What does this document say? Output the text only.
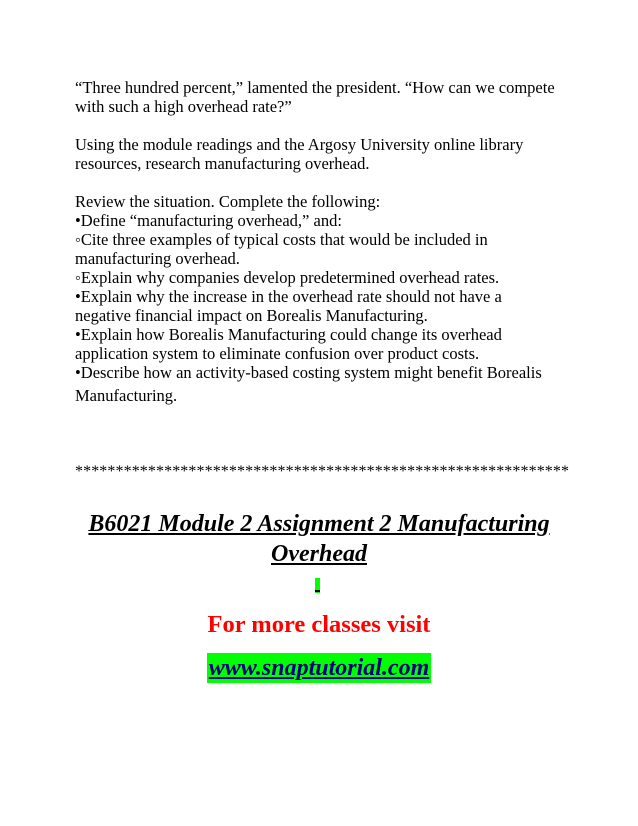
“Three hundred percent,” lamented the president. “How can we compete
with such a high overhead rate?”

Using the module readings and the Argosy University online library
resources, research manufacturing overhead.

Review the situation. Complete the following:
•Define “manufacturing overhead,” and:
◦Cite three examples of typical costs that would be included in
manufacturing overhead.
◦Explain why companies develop predetermined overhead rates.
•Explain why the increase in the overhead rate should not have a
negative financial impact on Borealis Manufacturing.
•Explain how Borealis Manufacturing could change its overhead
application system to eliminate confusion over product costs.
•Describe how an activity-based costing system might benefit Borealis
Manufacturing.

*************************************************************
B6021 Module 2 Assignment 2 Manufacturing
Overhead
For more classes visit
www.snaptutorial.com
